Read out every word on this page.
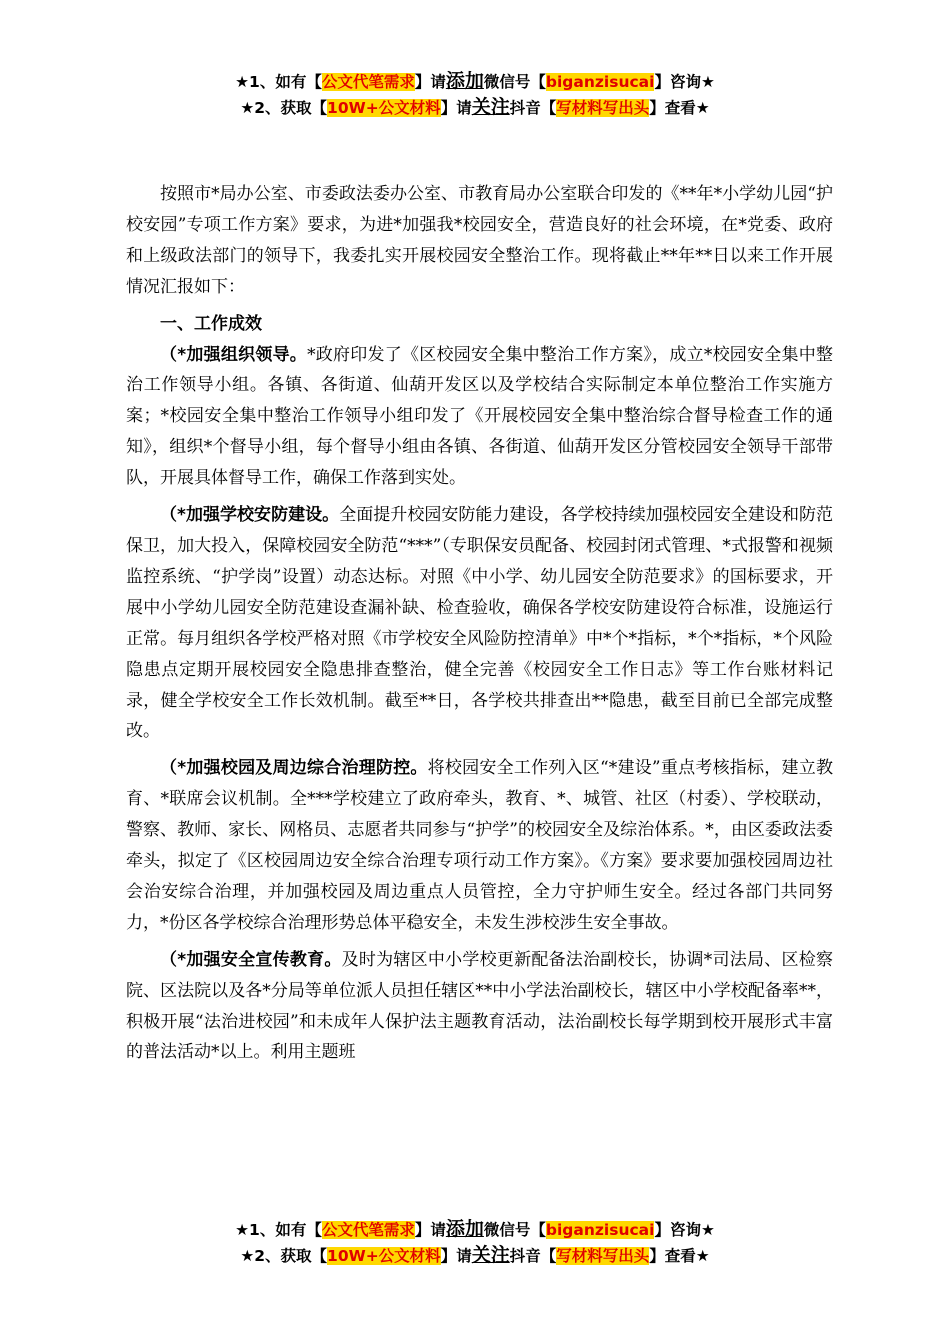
★1、如有【公文代笔需求】请添加微信号【biganzisucai】咨询★
★2、获取【10W+公文材料】请关注抖音【写材料写出头】查看★

按照市*局办公室、市委政法委办公室、市教育局办公室联合印发的《**年*小学幼儿园“护校安园”专项工作方案》要求，为进*加强我*校园安全，营造良好的社会环境，在*党委、政府和上级政法部门的领导下，我委扎实开展校园安全整治工作。现将截止**年**日以来工作开展情况汇报如下：

一、工作成效

（*加强组织领导。*政府印发了《区校园安全集中整治工作方案》，成立*校园安全集中整治工作领导小组。各镇、各街道、仙葫开发区以及学校结合实际制定本单位整治工作实施方案；*校园安全集中整治工作领导小组印发了《开展校园安全集中整治综合督导检查工作的通知》，组织*个督导小组，每个督导小组由各镇、各街道、仙葫开发区分管校园安全领导干部带队，开展具体督导工作，确保工作落到实处。

（*加强学校安防建设。全面提升校园安防能力建设，各学校持续加强校园安全建设和防范保卫，加大投入，保障校园安全防范“***”（专职保安员配备、校园封闭式管理、*式报警和视频监控系统、“护学岗”设置）动态达标。对照《中小学、幼儿园安全防范要求》的国标要求，开展中小学幼儿园安全防范建设查漏补缺、检查验收，确保各学校安防建设符合标准，设施运行正常。每月组织各学校严格对照《市学校安全风险防控清单》中*个*指标，*个*指标，*个风险隐患点定期开展校园安全隐患排查整治，健全完善《校园安全工作日志》等工作台账材料记录，健全学校安全工作长效机制。截至**日，各学校共排查出**隐患，截至目前已全部完成整改。

（*加强校园及周边综合治理防控。将校园安全工作列入区“*建设”重点考核指标，建立教育、*联席会议机制。全***学校建立了政府牵头，教育、*、城管、社区（村委）、学校联动，警察、教师、家长、网格员、志愿者共同参与“护学”的校园安全及综治体系。*，由区委政法委牵头，拟定了《区校园周边安全综合治理专项行动工作方案》。《方案》要求要加强校园周边社会治安综合治理，并加强校园及周边重点人员管控，全力守护师生安全。经过各部门共同努力，*份区各学校综合治理形势总体平稳安全，未发生涉校涉生安全事故。

（*加强安全宣传教育。及时为辖区中小学校更新配备法治副校长，协调*司法局、区检察院、区法院以及各*分局等单位派人员担任辖区**中小学法治副校长，辖区中小学校配备率**，积极开展“法治进校园”和未成年人保护法主题教育活动，法治副校长每学期到校开展形式丰富的普法活动*以上。利用主题班

★1、如有【公文代笔需求】请添加微信号【biganzisucai】咨询★
★2、获取【10W+公文材料】请关注抖音【写材料写出头】查看★
